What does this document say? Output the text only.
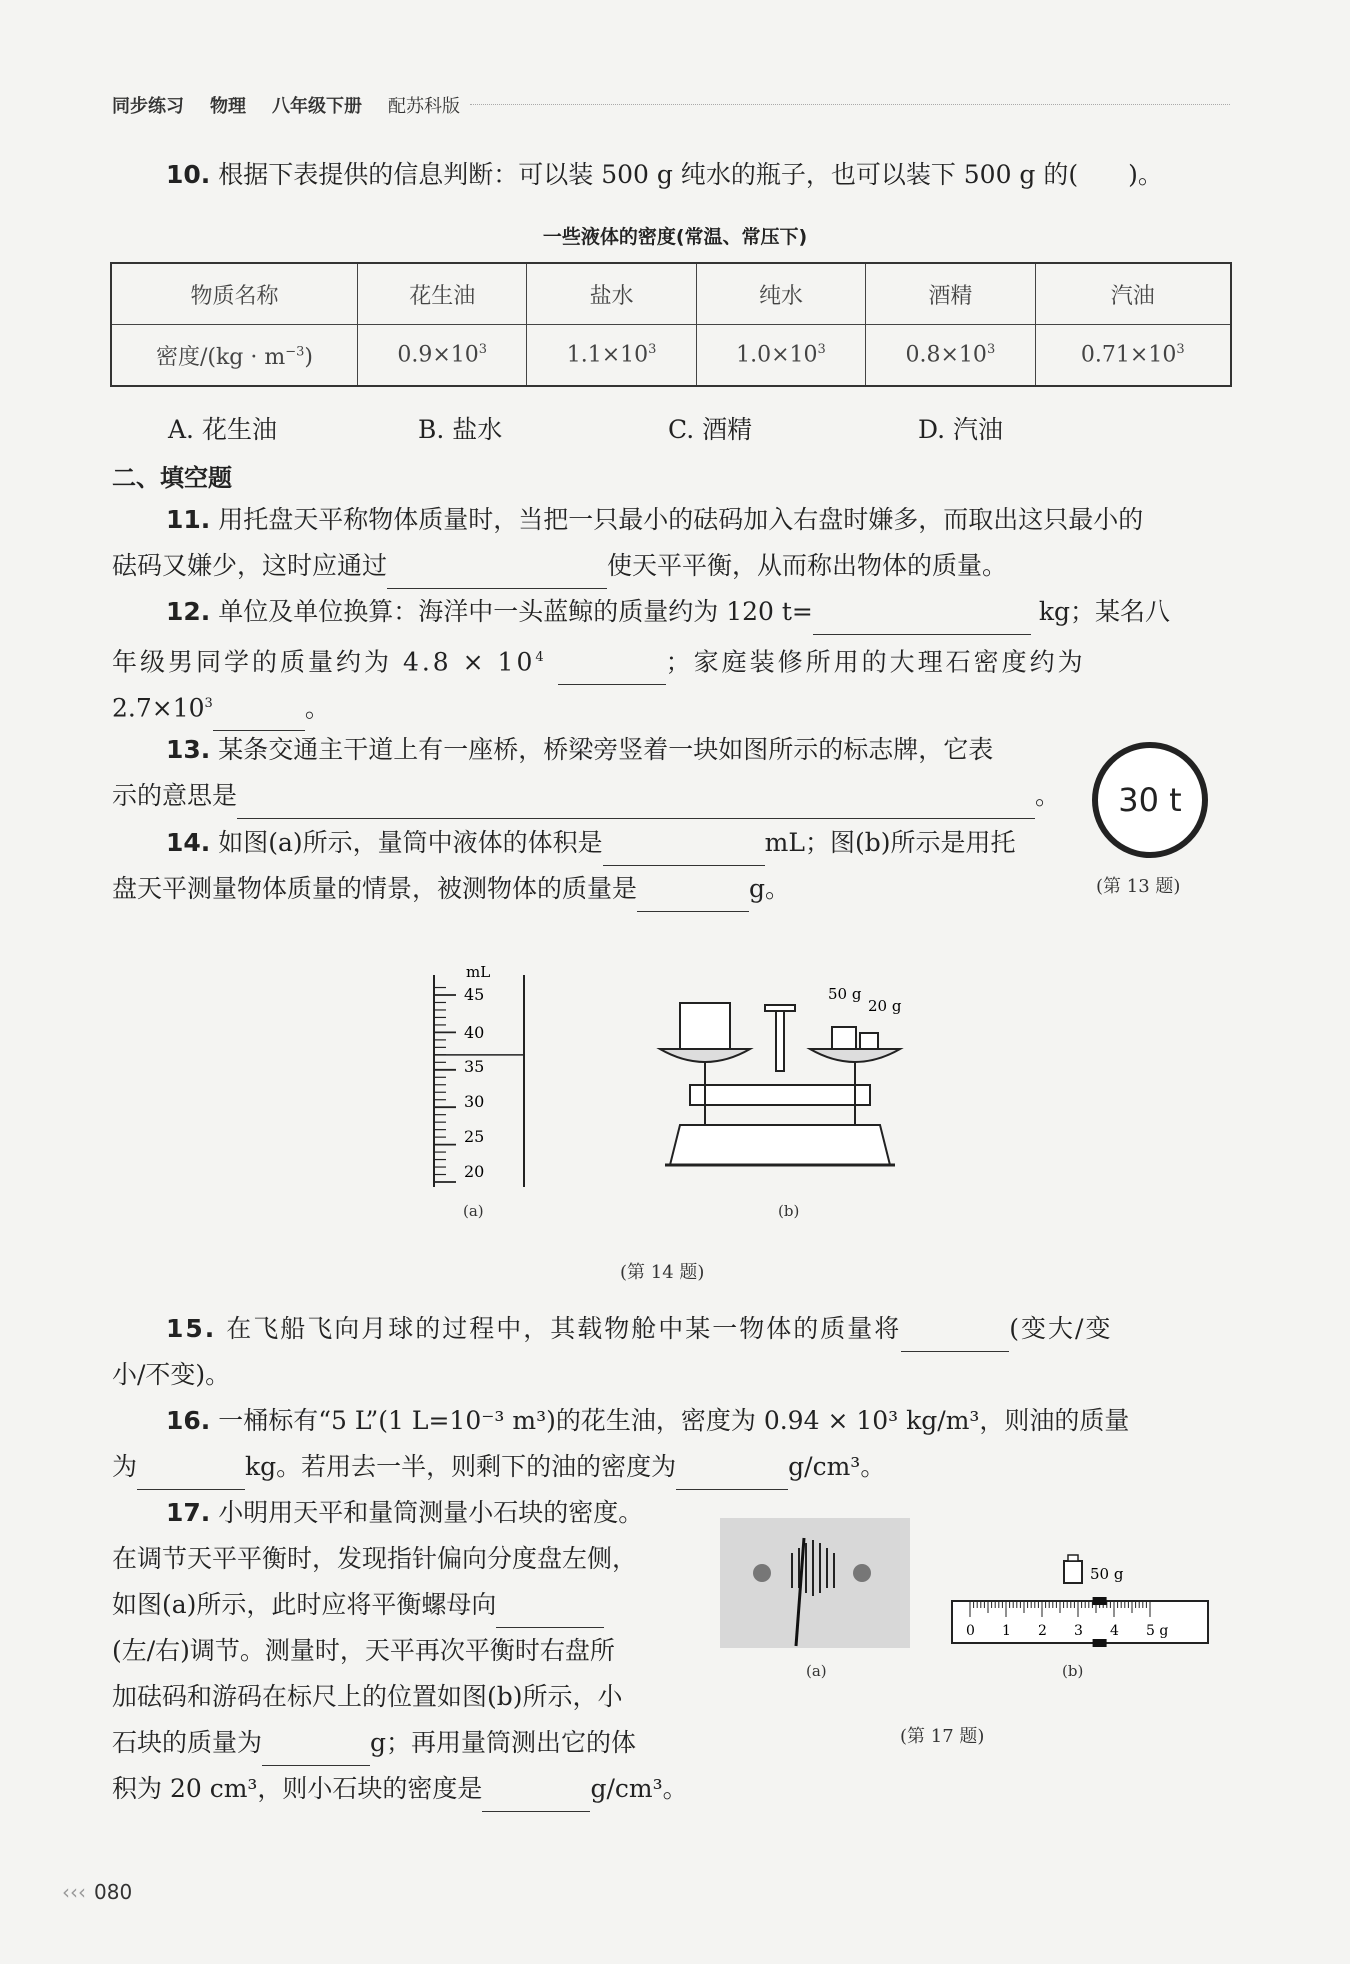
同步练习 物理 八年级下册 配苏科版
10. 根据下表提供的信息判断：可以装 500 g 纯水的瓶子，也可以装下 500 g 的(　　)。
一些液体的密度(常温、常压下)
物质名称	花生油	盐水	纯水	酒精	汽油
密度$/(kg \cdot m^{-3})$	$0.9\times 10^3$	$1.1\times 10^3$	$1.0\times 10^3$	$0.8\times 10^3$	$0.71\times 10^3$
A. 花生油	B. 盐水	C. 酒精	D. 汽油
二、填空题
11. 用托盘天平称物体质量时，当把一只最小的砝码加入右盘时嫌多，而取出这只最小的
砝码又嫌少，这时应通过	使天平平衡，从而称出物体的质量。
12. 单位及单位换算：海洋中一头蓝鲸的质量约为 120 t=	kg；某名八
年级男同学的质量约为 $4.8 \times 10^4$	；家庭装修所用的大理石密度约为
$2.7\times 10^3$	。
13. 某条交通主干道上有一座桥，桥梁旁竖着一块如图所示的标志牌，它表
示的意思是	。	30 t
(第 13 题)
14. 如图(a)所示，量筒中液体的体积是	mL；图(b)所示是用托
盘天平测量物体质量的情景，被测物体的质量是	g。
mL
45
40
35
30
25
20
(a)
50 g
20 g
(b)
(第 14 题)
15. 在飞船飞向月球的过程中，其载物舱中某一物体的质量将	(变大/变
小/不变)。
16. 一桶标有“5 L”(1 L=10⁻³ m³)的花生油，密度为 0.94 × 10³ kg/m³，则油的质量
为	kg。若用去一半，则剩下的油的密度为	g/cm³。
17. 小明用天平和量筒测量小石块的密度。
在调节天平平衡时，发现指针偏向分度盘左侧，
如图(a)所示，此时应将平衡螺母向
(左/右)调节。测量时，天平再次平衡时右盘所
加砝码和游码在标尺上的位置如图(b)所示，小
石块的质量为	g；再用量筒测出它的体
积为 20 cm³，则小石块的密度是	g/cm³。
(a)
50 g
0 1 2 3 4 5 g
(b)
(第 17 题)
‹‹‹ 080
